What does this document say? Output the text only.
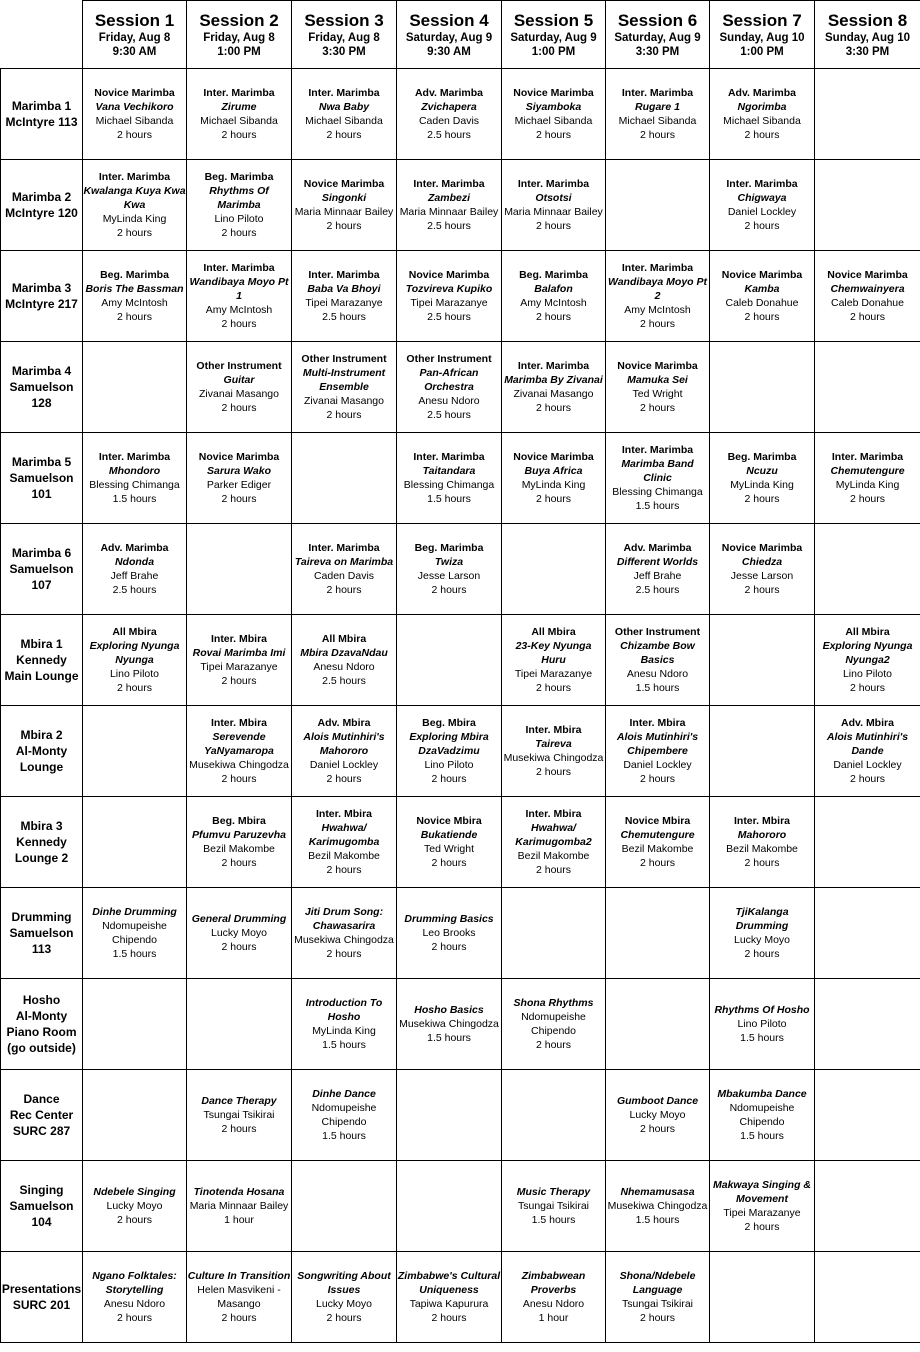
	Session 1
Friday, Aug 8
9:30 AM	Session 2
Friday, Aug 8
1:00 PM	Session 3
Friday, Aug 8
3:30 PM	Session 4
Saturday, Aug 9
9:30 AM	Session 5
Saturday, Aug 9
1:00 PM	Session 6
Saturday, Aug 9
3:30 PM	Session 7
Sunday, Aug 10
1:00 PM	Session 8
Sunday, Aug 10
3:30 PM

Marimba 1
McIntyre 113	Novice Marimba
Vana Vechikoro
Michael Sibanda
2 hours	Inter. Marimba
Zirume
Michael Sibanda
2 hours	Inter. Marimba
Nwa Baby
Michael Sibanda
2 hours	Adv. Marimba
Zvichapera
Caden Davis
2.5 hours	Novice Marimba
Siyamboka
Michael Sibanda
2 hours	Inter. Marimba
Rugare 1
Michael Sibanda
2 hours	Adv. Marimba
Ngorimba
Michael Sibanda
2 hours	

Marimba 2
McIntyre 120	Inter. Marimba
Kwalanga Kuya Kwa Kwa
MyLinda King
2 hours	Beg. Marimba
Rhythms Of Marimba
Lino Piloto
2 hours	Novice Marimba
Singonki
Maria Minnaar Bailey
2 hours	Inter. Marimba
Zambezi
Maria Minnaar Bailey
2.5 hours	Inter. Marimba
Otsotsi
Maria Minnaar Bailey
2 hours		Inter. Marimba
Chigwaya
Daniel Lockley
2 hours	

Marimba 3
McIntyre 217	Beg. Marimba
Boris The Bassman
Amy McIntosh
2 hours	Inter. Marimba
Wandibaya Moyo Pt 1
Amy McIntosh
2 hours	Inter. Marimba
Baba Va Bhoyi
Tipei Marazanye
2.5 hours	Novice Marimba
Tozvireva Kupiko
Tipei Marazanye
2.5 hours	Beg. Marimba
Balafon
Amy McIntosh
2 hours	Inter. Marimba
Wandibaya Moyo Pt 2
Amy McIntosh
2 hours	Novice Marimba
Kamba
Caleb Donahue
2 hours	Novice Marimba
Chemwainyera
Caleb Donahue
2 hours

Marimba 4
Samuelson
128		Other Instrument
Guitar
Zivanai Masango
2 hours	Other Instrument
Multi-Instrument Ensemble
Zivanai Masango
2 hours	Other Instrument
Pan-African Orchestra
Anesu Ndoro
2.5 hours	Inter. Marimba
Marimba By Zivanai
Zivanai Masango
2 hours	Novice Marimba
Mamuka Sei
Ted Wright
2 hours		

Marimba 5
Samuelson
101	Inter. Marimba
Mhondoro
Blessing Chimanga
1.5 hours	Novice Marimba
Sarura Wako
Parker Ediger
2 hours		Inter. Marimba
Taitandara
Blessing Chimanga
1.5 hours	Novice Marimba
Buya Africa
MyLinda King
2 hours	Inter. Marimba
Marimba Band Clinic
Blessing Chimanga
1.5 hours	Beg. Marimba
Ncuzu
MyLinda King
2 hours	Inter. Marimba
Chemutengure
MyLinda King
2 hours

Marimba 6
Samuelson
107	Adv. Marimba
Ndonda
Jeff Brahe
2.5 hours		Inter. Marimba
Taireva on Marimba
Caden Davis
2 hours	Beg. Marimba
Twiza
Jesse Larson
2 hours		Adv. Marimba
Different Worlds
Jeff Brahe
2.5 hours	Novice Marimba
Chiedza
Jesse Larson
2 hours	

Mbira 1
Kennedy
Main Lounge	All Mbira
Exploring Nyunga Nyunga
Lino Piloto
2 hours	Inter. Mbira
Rovai Marimba Imi
Tipei Marazanye
2 hours	All Mbira
Mbira DzavaNdau
Anesu Ndoro
2.5 hours		All Mbira
23-Key Nyunga Huru
Tipei Marazanye
2 hours	Other Instrument
Chizambe Bow Basics
Anesu Ndoro
1.5 hours		All Mbira
Exploring Nyunga Nyunga2
Lino Piloto
2 hours

Mbira 2
Al-Monty
Lounge		Inter. Mbira
Serevende YaNyamaropa
Musekiwa Chingodza
2 hours	Adv. Mbira
Alois Mutinhiri's Mahororo
Daniel Lockley
2 hours	Beg. Mbira
Exploring Mbira DzaVadzimu
Lino Piloto
2 hours	Inter. Mbira
Taireva
Musekiwa Chingodza
2 hours	Inter. Mbira
Alois Mutinhiri's Chipembere
Daniel Lockley
2 hours		Adv. Mbira
Alois Mutinhiri's Dande
Daniel Lockley
2 hours

Mbira 3
Kennedy
Lounge 2		Beg. Mbira
Pfumvu Paruzevha
Bezil Makombe
2 hours	Inter. Mbira
Hwahwa/ Karimugomba
Bezil Makombe
2 hours	Novice Mbira
Bukatiende
Ted Wright
2 hours	Inter. Mbira
Hwahwa/ Karimugomba2
Bezil Makombe
2 hours	Novice Mbira
Chemutengure
Bezil Makombe
2 hours	Inter. Mbira
Mahororo
Bezil Makombe
2 hours	

Drumming
Samuelson
113	Dinhe Drumming
Ndomupeishe Chipendo
1.5 hours	General Drumming
Lucky Moyo
2 hours	Jiti Drum Song: Chawasarira
Musekiwa Chingodza
2 hours	Drumming Basics
Leo Brooks
2 hours			TjiKalanga Drumming
Lucky Moyo
2 hours	

Hosho
Al-Monty
Piano Room
(go outside)			Introduction To Hosho
MyLinda King
1.5 hours	Hosho Basics
Musekiwa Chingodza
1.5 hours	Shona Rhythms
Ndomupeishe Chipendo
2 hours		Rhythms Of Hosho
Lino Piloto
1.5 hours	

Dance
Rec Center
SURC 287		Dance Therapy
Tsungai Tsikirai
2 hours	Dinhe Dance
Ndomupeishe Chipendo
1.5 hours			Gumboot Dance
Lucky Moyo
2 hours	Mbakumba Dance
Ndomupeishe Chipendo
1.5 hours	

Singing
Samuelson
104	Ndebele Singing
Lucky Moyo
2 hours	Tinotenda Hosana
Maria Minnaar Bailey
1 hour			Music Therapy
Tsungai Tsikirai
1.5 hours	Nhemamusasa
Musekiwa Chingodza
1.5 hours	Makwaya Singing & Movement
Tipei Marazanye
2 hours	

Presentations
SURC 201	Ngano Folktales: Storytelling
Anesu Ndoro
2 hours	Culture In Transition
Helen Masvikeni - Masango
2 hours	Songwriting About Issues
Lucky Moyo
2 hours	Zimbabwe's Cultural Uniqueness
Tapiwa Kapurura
2 hours	Zimbabwean Proverbs
Anesu Ndoro
1 hour	Shona/Ndebele Language
Tsungai Tsikirai
2 hours		
